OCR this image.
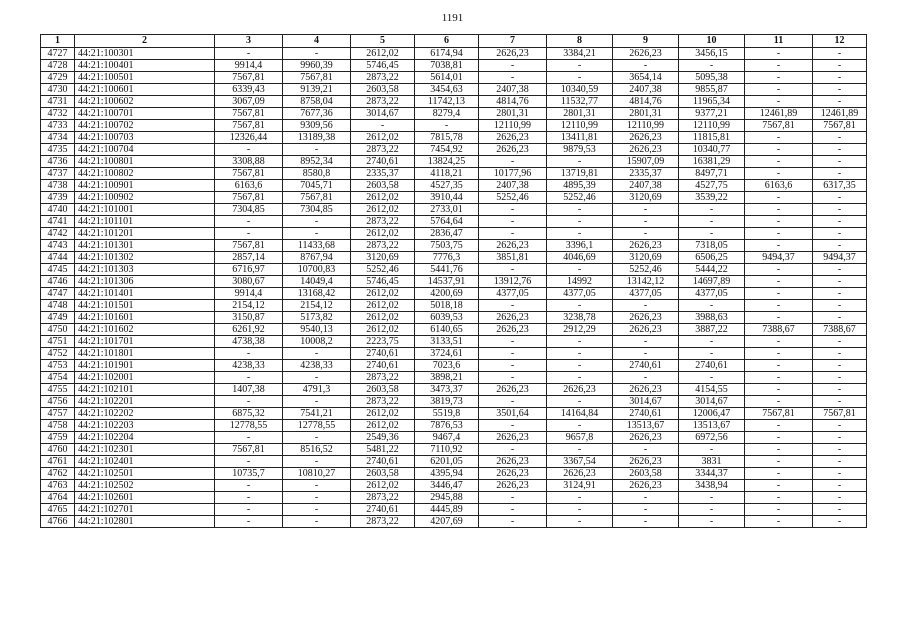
1191
1	2	3	4	5	6	7	8	9	10	11	12
4727	44:21:100301	-	-	2612,02	6174,94	2626,23	3384,21	2626,23	3456,15	-	-
4728	44:21:100401	9914,4	9960,39	5746,45	7038,81	-	-	-	-	-	-
4729	44:21:100501	7567,81	7567,81	2873,22	5614,01	-	-	3654,14	5095,38	-	-
4730	44:21:100601	6339,43	9139,21	2603,58	3454,63	2407,38	10340,59	2407,38	9855,87	-	-
4731	44:21:100602	3067,09	8758,04	2873,22	11742,13	4814,76	11532,77	4814,76	11965,34	-	-
4732	44:21:100701	7567,81	7677,36	3014,67	8279,4	2801,31	2801,31	2801,31	9377,21	12461,89	12461,89
4733	44:21:100702	7567,81	9309,56	-	-	12110,99	12110,99	12110,99	12110,99	7567,81	7567,81
4734	44:21:100703	12326,44	13189,38	2612,02	7815,78	2626,23	13411,81	2626,23	11815,81	-	-
4735	44:21:100704	-	-	2873,22	7454,92	2626,23	9879,53	2626,23	10340,77	-	-
4736	44:21:100801	3308,88	8952,34	2740,61	13824,25	-	-	15907,09	16381,29	-	-
4737	44:21:100802	7567,81	8580,8	2335,37	4118,21	10177,96	13719,81	2335,37	8497,71	-	-
4738	44:21:100901	6163,6	7045,71	2603,58	4527,35	2407,38	4895,39	2407,38	4527,75	6163,6	6317,35
4739	44:21:100902	7567,81	7567,81	2612,02	3910,44	5252,46	5252,46	3120,69	3539,22	-	-
4740	44:21:101001	7304,85	7304,85	2612,02	2733,01	-	-	-	-	-	-
4741	44:21:101101	-	-	2873,22	5764,64	-	-	-	-	-	-
4742	44:21:101201	-	-	2612,02	2836,47	-	-	-	-	-	-
4743	44:21:101301	7567,81	11433,68	2873,22	7503,75	2626,23	3396,1	2626,23	7318,05	-	-
4744	44:21:101302	2857,14	8767,94	3120,69	7776,3	3851,81	4046,69	3120,69	6506,25	9494,37	9494,37
4745	44:21:101303	6716,97	10700,83	5252,46	5441,76	-	-	5252,46	5444,22	-	-
4746	44:21:101306	3080,67	14049,4	5746,45	14537,91	13912,76	14992	13142,12	14697,89	-	-
4747	44:21:101401	9914,4	13168,42	2612,02	4200,69	4377,05	4377,05	4377,05	4377,05	-	-
4748	44:21:101501	2154,12	2154,12	2612,02	5018,18	-	-	-	-	-	-
4749	44:21:101601	3150,87	5173,82	2612,02	6039,53	2626,23	3238,78	2626,23	3988,63	-	-
4750	44:21:101602	6261,92	9540,13	2612,02	6140,65	2626,23	2912,29	2626,23	3887,22	7388,67	7388,67
4751	44:21:101701	4738,38	10008,2	2223,75	3133,51	-	-	-	-	-	-
4752	44:21:101801	-	-	2740,61	3724,61	-	-	-	-	-	-
4753	44:21:101901	4238,33	4238,33	2740,61	7023,6	-	-	2740,61	2740,61	-	-
4754	44:21:102001	-	-	2873,22	3898,21	-	-	-	-	-	-
4755	44:21:102101	1407,38	4791,3	2603,58	3473,37	2626,23	2626,23	2626,23	4154,55	-	-
4756	44:21:102201	-	-	2873,22	3819,73	-	-	3014,67	3014,67	-	-
4757	44:21:102202	6875,32	7541,21	2612,02	5519,8	3501,64	14164,84	2740,61	12006,47	7567,81	7567,81
4758	44:21:102203	12778,55	12778,55	2612,02	7876,53	-	-	13513,67	13513,67	-	-
4759	44:21:102204	-	-	2549,36	9467,4	2626,23	9657,8	2626,23	6972,56	-	-
4760	44:21:102301	7567,81	8516,52	5481,22	7110,92	-	-	-	-	-	-
4761	44:21:102401	-	-	2740,61	6201,05	2626,23	3367,54	2626,23	3831	-	-
4762	44:21:102501	10735,7	10810,27	2603,58	4395,94	2626,23	2626,23	2603,58	3344,37	-	-
4763	44:21:102502	-	-	2612,02	3446,47	2626,23	3124,91	2626,23	3438,94	-	-
4764	44:21:102601	-	-	2873,22	2945,88	-	-	-	-	-	-
4765	44:21:102701	-	-	2740,61	4445,89	-	-	-	-	-	-
4766	44:21:102801	-	-	2873,22	4207,69	-	-	-	-	-	-
